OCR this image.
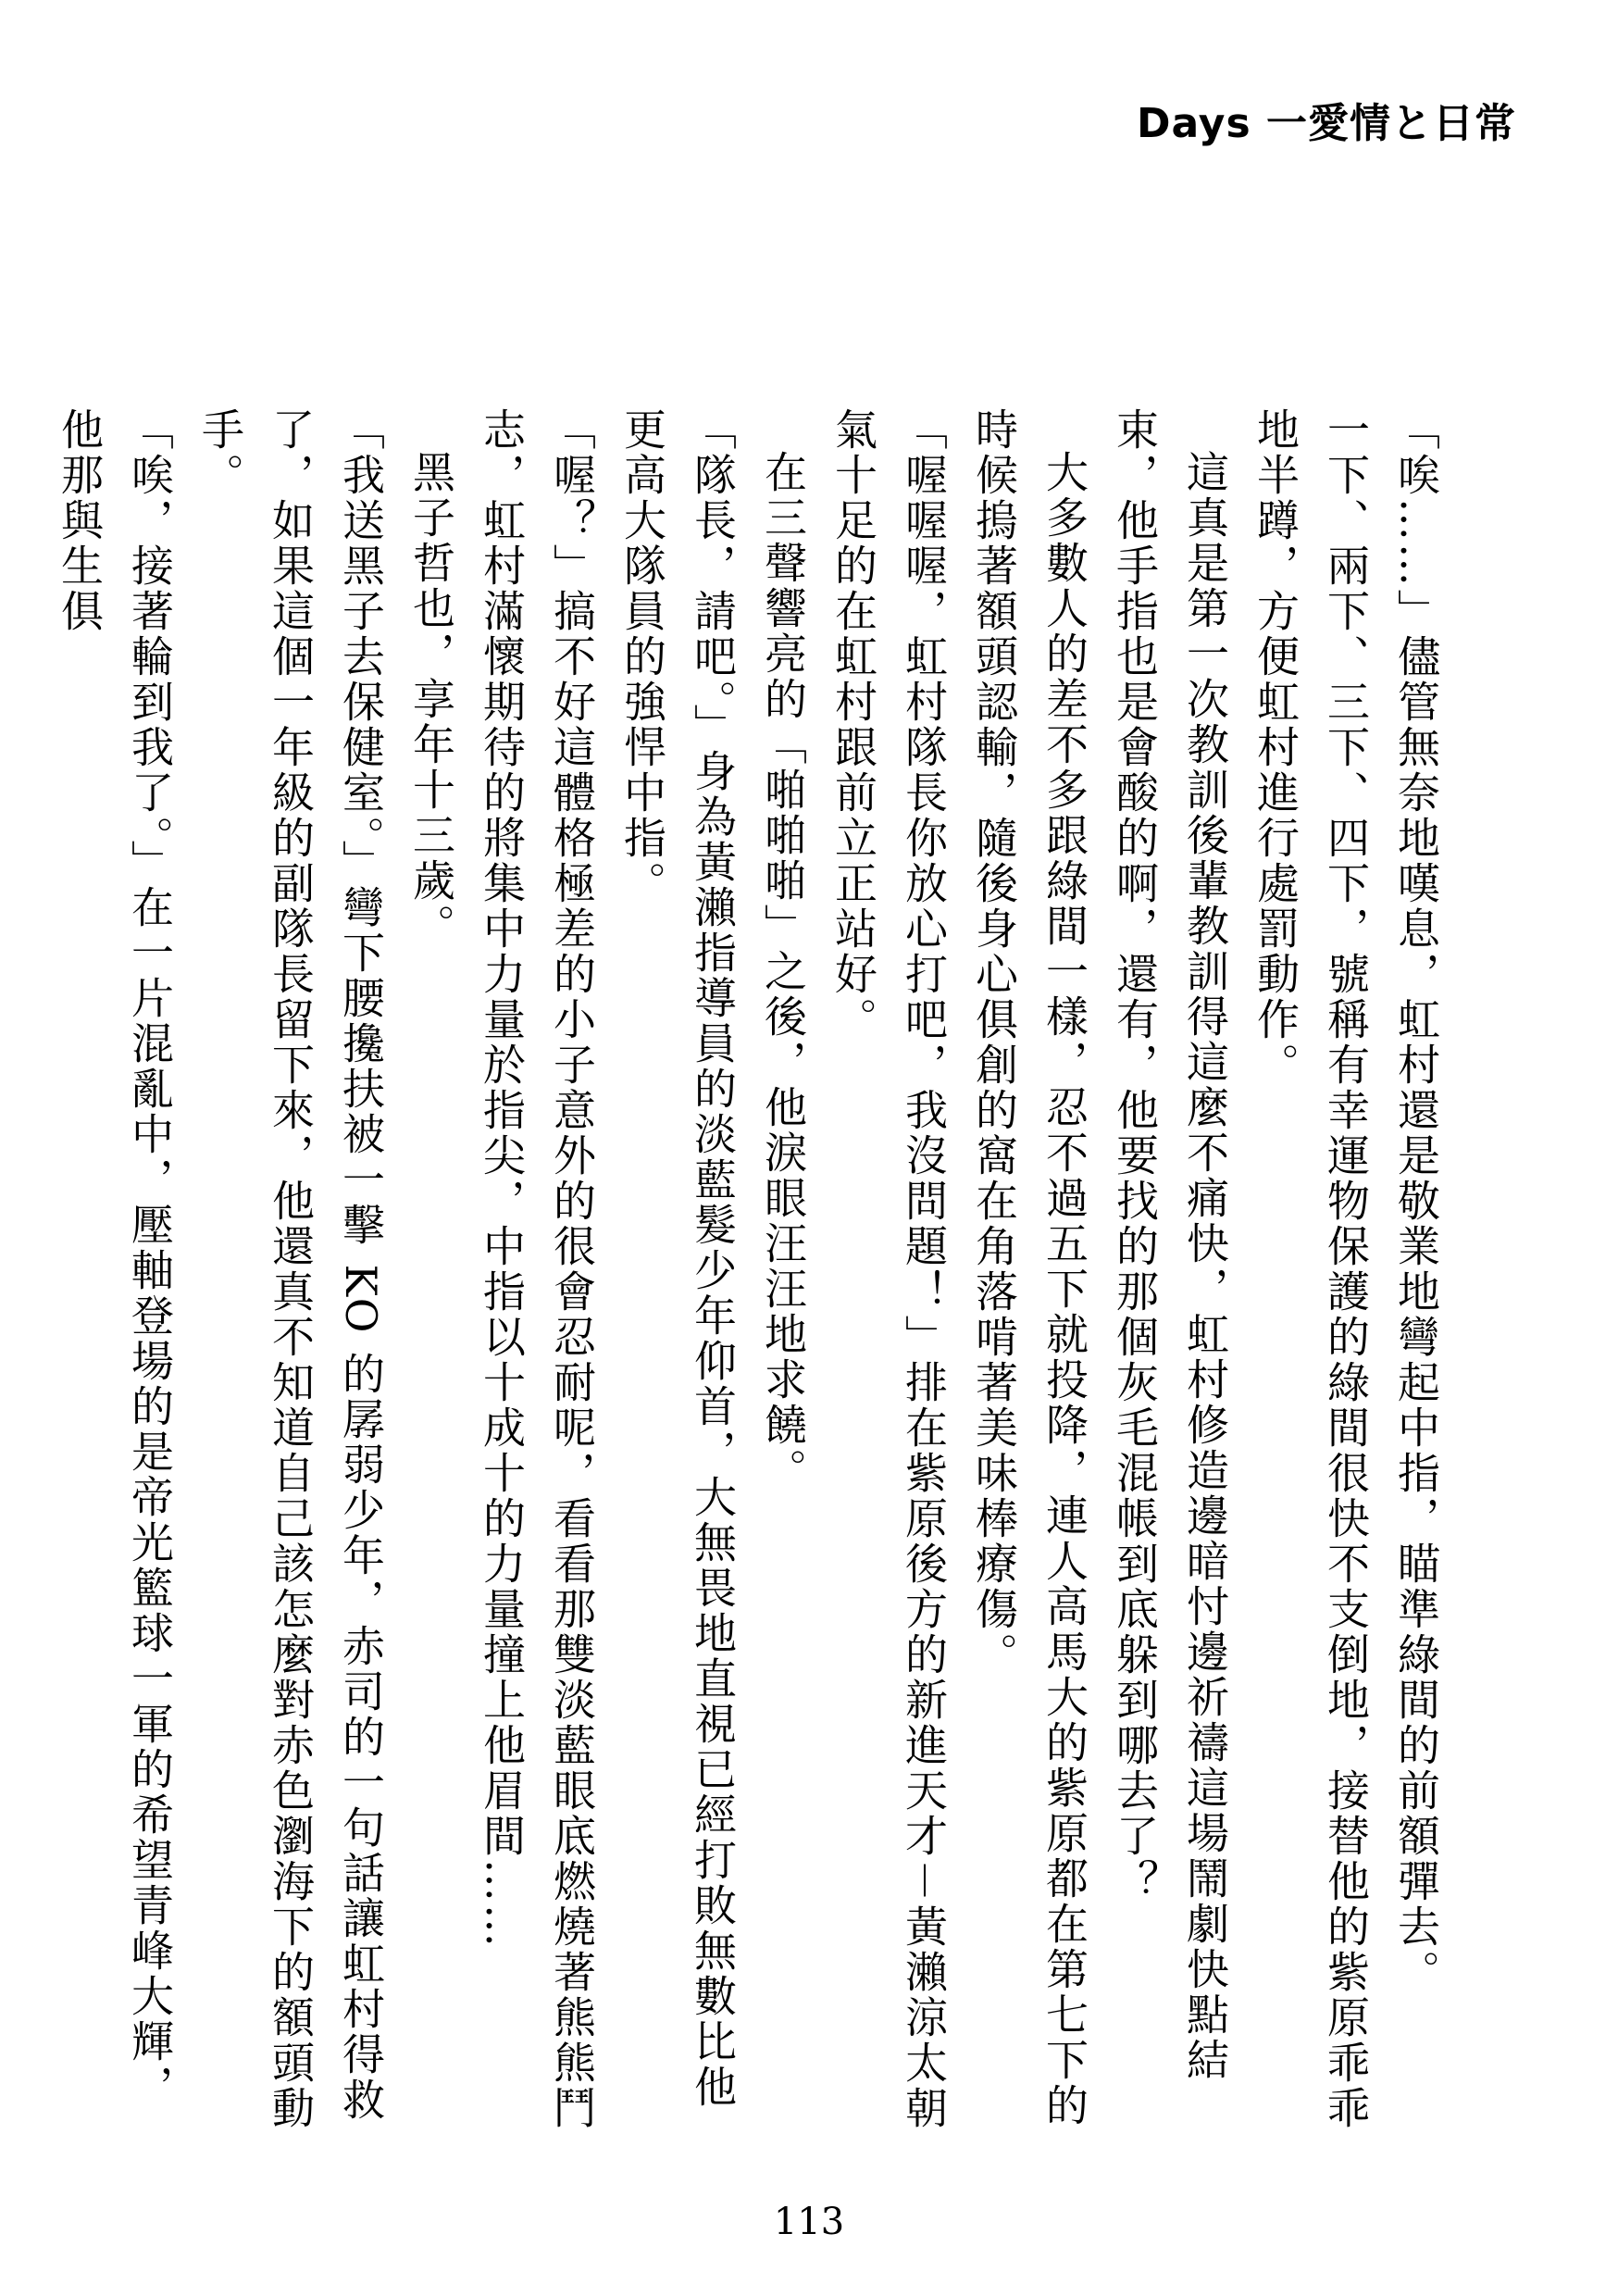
Days 一愛情と日常

「唉……」儘管無奈地嘆息，虹村還是敬業地彎起中指，瞄準綠間的前額彈去。

一下、兩下、三下、四下，號稱有幸運物保護的綠間很快不支倒地，接替他的紫原乖乖地半蹲，方便虹村進行處罰動作。

這真是第一次教訓後輩教訓得這麼不痛快，虹村修造邊暗忖邊祈禱這場鬧劇快點結束，他手指也是會酸的啊，還有，他要找的那個灰毛混帳到底躲到哪去了？

大多數人的差不多跟綠間一樣，忍不過五下就投降，連人高馬大的紫原都在第七下的時候摀著額頭認輸，隨後身心俱創的窩在角落啃著美味棒療傷。

「喔喔喔，虹村隊長你放心打吧，我沒問題！」排在紫原後方的新進天才－黃瀨涼太朝氣十足的在虹村跟前立正站好。

在三聲響亮的「啪啪啪」之後，他淚眼汪汪地求饒。

「隊長，請吧。」身為黃瀨指導員的淡藍髮少年仰首，大無畏地直視已經打敗無數比他更高大隊員的強悍中指。

「喔？」搞不好這體格極差的小子意外的很會忍耐呢，看看那雙淡藍眼底燃燒著熊熊鬥志，虹村滿懷期待的將集中力量於指尖，中指以十成十的力量撞上他眉間……

黑子哲也，享年十三歲。

「我送黑子去保健室。」彎下腰攙扶被一擊 KO 的孱弱少年，赤司的一句話讓虹村得救了，如果這個一年級的副隊長留下來，他還真不知道自己該怎麼對赤色瀏海下的額頭動手。

「唉，接著輪到我了。」在一片混亂中，壓軸登場的是帝光籃球一軍的希望青峰大輝，他那與生俱

113
